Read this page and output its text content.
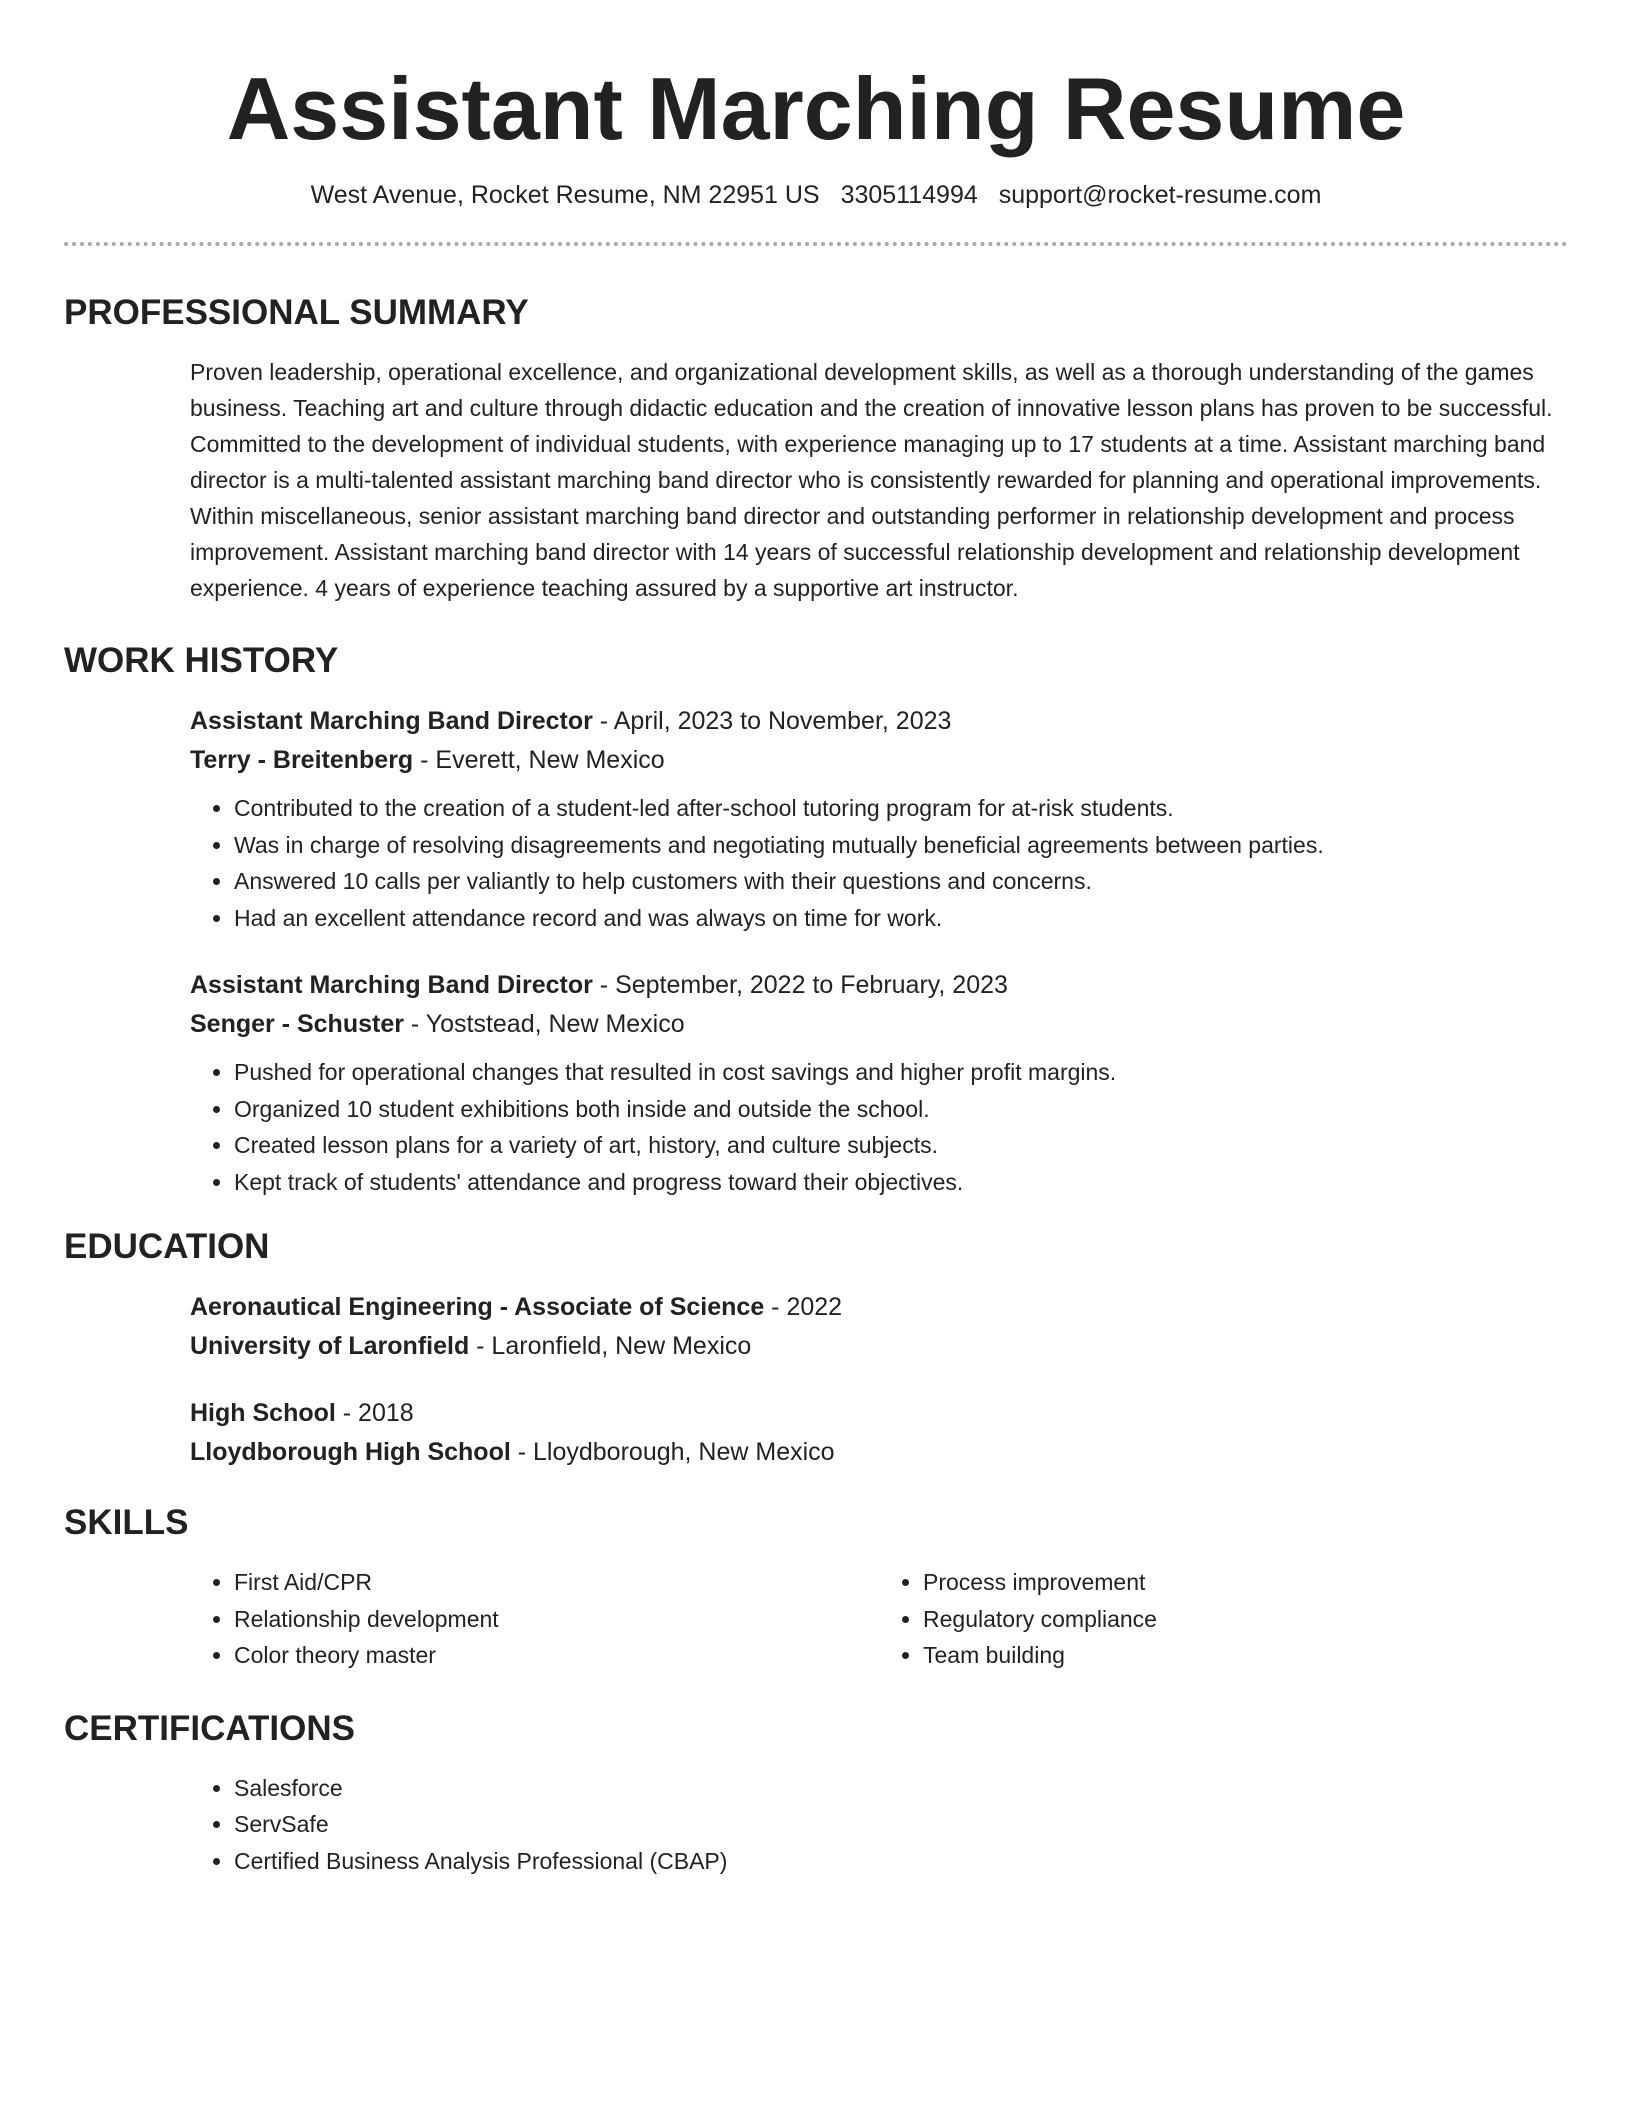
Assistant Marching Resume
West Avenue, Rocket Resume, NM 22951 US 3305114994 support@rocket-resume.com
PROFESSIONAL SUMMARY

Proven leadership, operational excellence, and organizational development skills, as well as a thorough understanding of the games business. Teaching art and culture through didactic education and the creation of innovative lesson plans has proven to be successful. Committed to the development of individual students, with experience managing up to 17 students at a time. Assistant marching band director is a multi-talented assistant marching band director who is consistently rewarded for planning and operational improvements. Within miscellaneous, senior assistant marching band director and outstanding performer in relationship development and process improvement. Assistant marching band director with 14 years of successful relationship development and relationship development experience. 4 years of experience teaching assured by a supportive art instructor.

WORK HISTORY
Assistant Marching Band Director - April, 2023 to November, 2023
Terry - Breitenberg - Everett, New Mexico
• Contributed to the creation of a student-led after-school tutoring program for at-risk students.
• Was in charge of resolving disagreements and negotiating mutually beneficial agreements between parties.
• Answered 10 calls per valiantly to help customers with their questions and concerns.
• Had an excellent attendance record and was always on time for work.
Assistant Marching Band Director - September, 2022 to February, 2023
Senger - Schuster - Yoststead, New Mexico
• Pushed for operational changes that resulted in cost savings and higher profit margins.
• Organized 10 student exhibitions both inside and outside the school.
• Created lesson plans for a variety of art, history, and culture subjects.
• Kept track of students' attendance and progress toward their objectives.
EDUCATION
Aeronautical Engineering - Associate of Science - 2022
University of Laronfield - Laronfield, New Mexico
High School - 2018
Lloydborough High School - Lloydborough, New Mexico
SKILLS
• First Aid/CPR
• Relationship development
• Color theory master
• Process improvement
• Regulatory compliance
• Team building
CERTIFICATIONS
• Salesforce
• ServSafe
• Certified Business Analysis Professional (CBAP)
